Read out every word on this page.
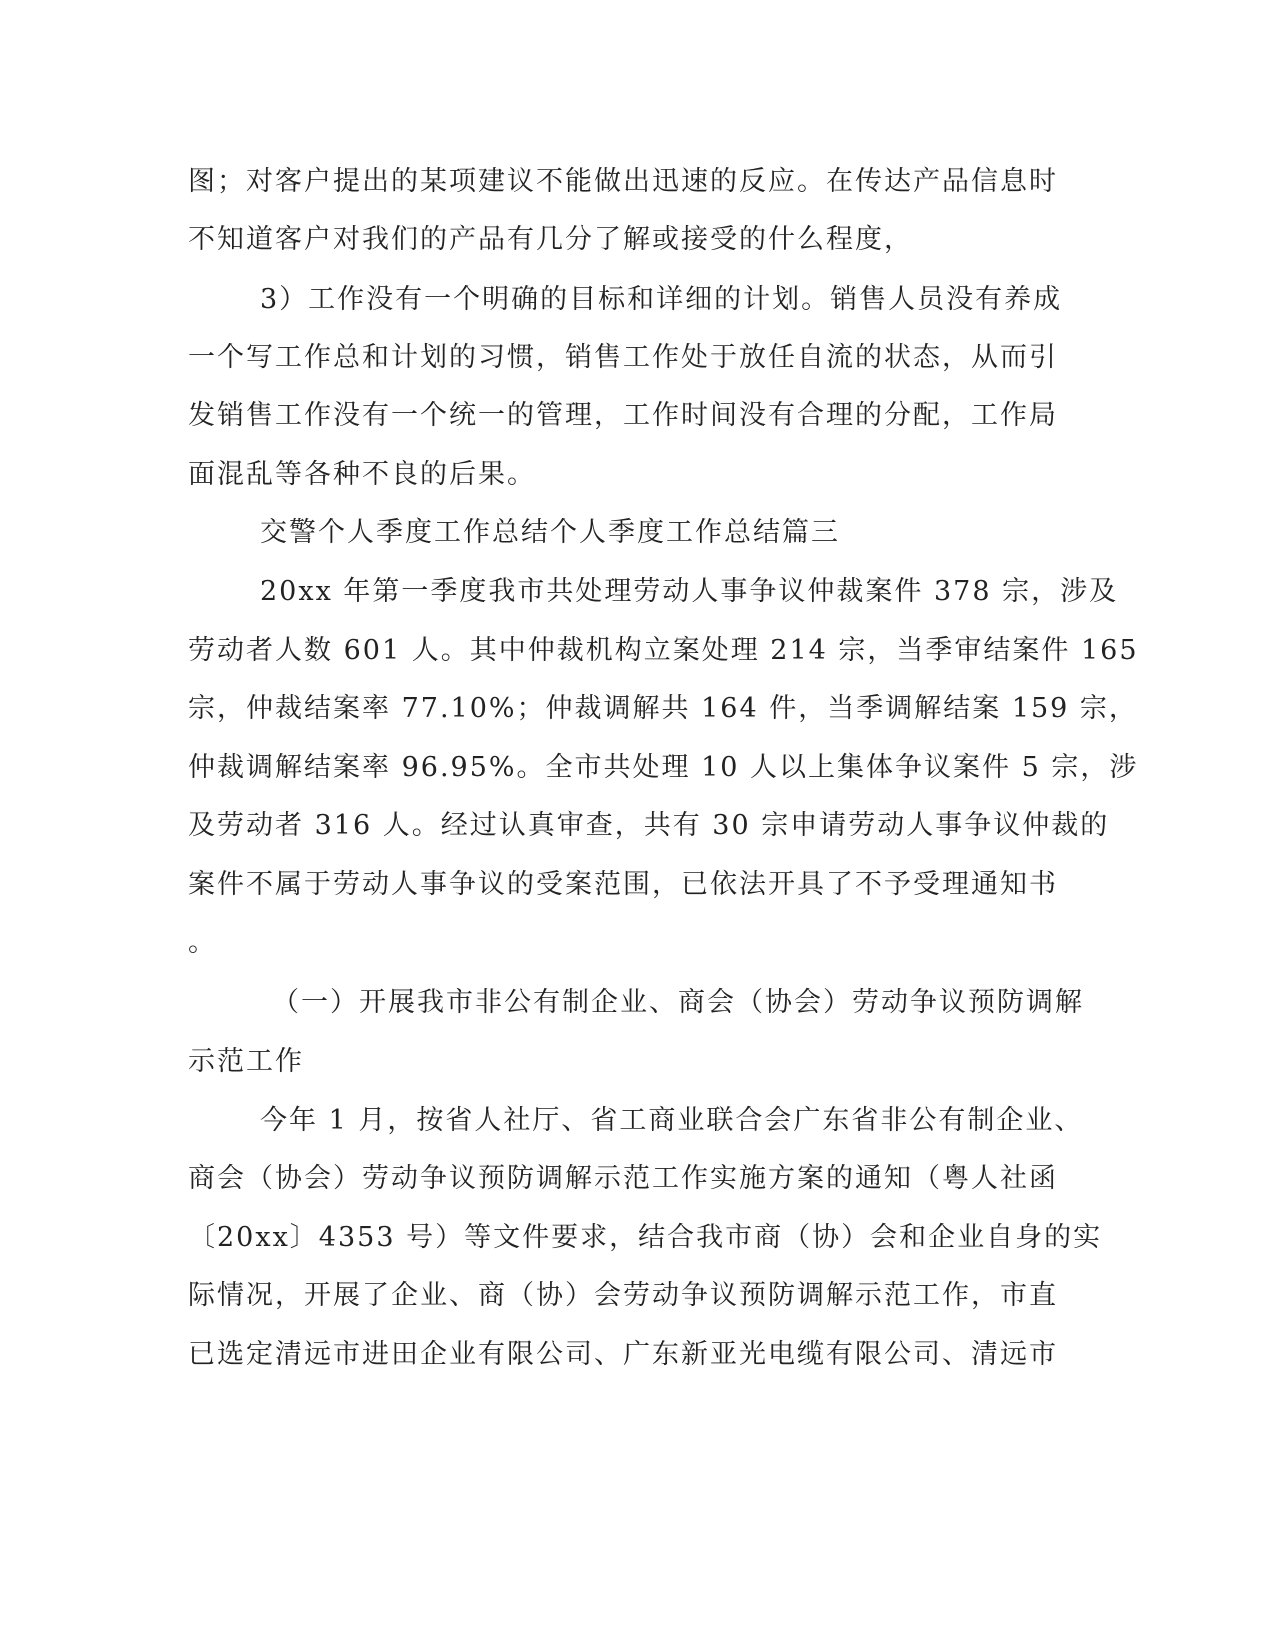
图；对客户提出的某项建议不能做出迅速的反应。在传达产品信息时
不知道客户对我们的产品有几分了解或接受的什么程度，
3）工作没有一个明确的目标和详细的计划。销售人员没有养成
一个写工作总和计划的习惯，销售工作处于放任自流的状态，从而引
发销售工作没有一个统一的管理，工作时间没有合理的分配，工作局
面混乱等各种不良的后果。
交警个人季度工作总结个人季度工作总结篇三
20xx 年第一季度我市共处理劳动人事争议仲裁案件 378 宗，涉及
劳动者人数 601 人。其中仲裁机构立案处理 214 宗，当季审结案件 165
宗，仲裁结案率 77.10%；仲裁调解共 164 件，当季调解结案 159 宗，
仲裁调解结案率 96.95%。全市共处理 10 人以上集体争议案件 5 宗，涉
及劳动者 316 人。经过认真审查，共有 30 宗申请劳动人事争议仲裁的
案件不属于劳动人事争议的受案范围，已依法开具了不予受理通知书
。
（一）开展我市非公有制企业、商会（协会）劳动争议预防调解
示范工作
今年 1 月，按省人社厅、省工商业联合会广东省非公有制企业、
商会（协会）劳动争议预防调解示范工作实施方案的通知（粤人社函
〔20xx〕4353 号）等文件要求，结合我市商（协）会和企业自身的实
际情况，开展了企业、商（协）会劳动争议预防调解示范工作，市直
已选定清远市进田企业有限公司、广东新亚光电缆有限公司、清远市
